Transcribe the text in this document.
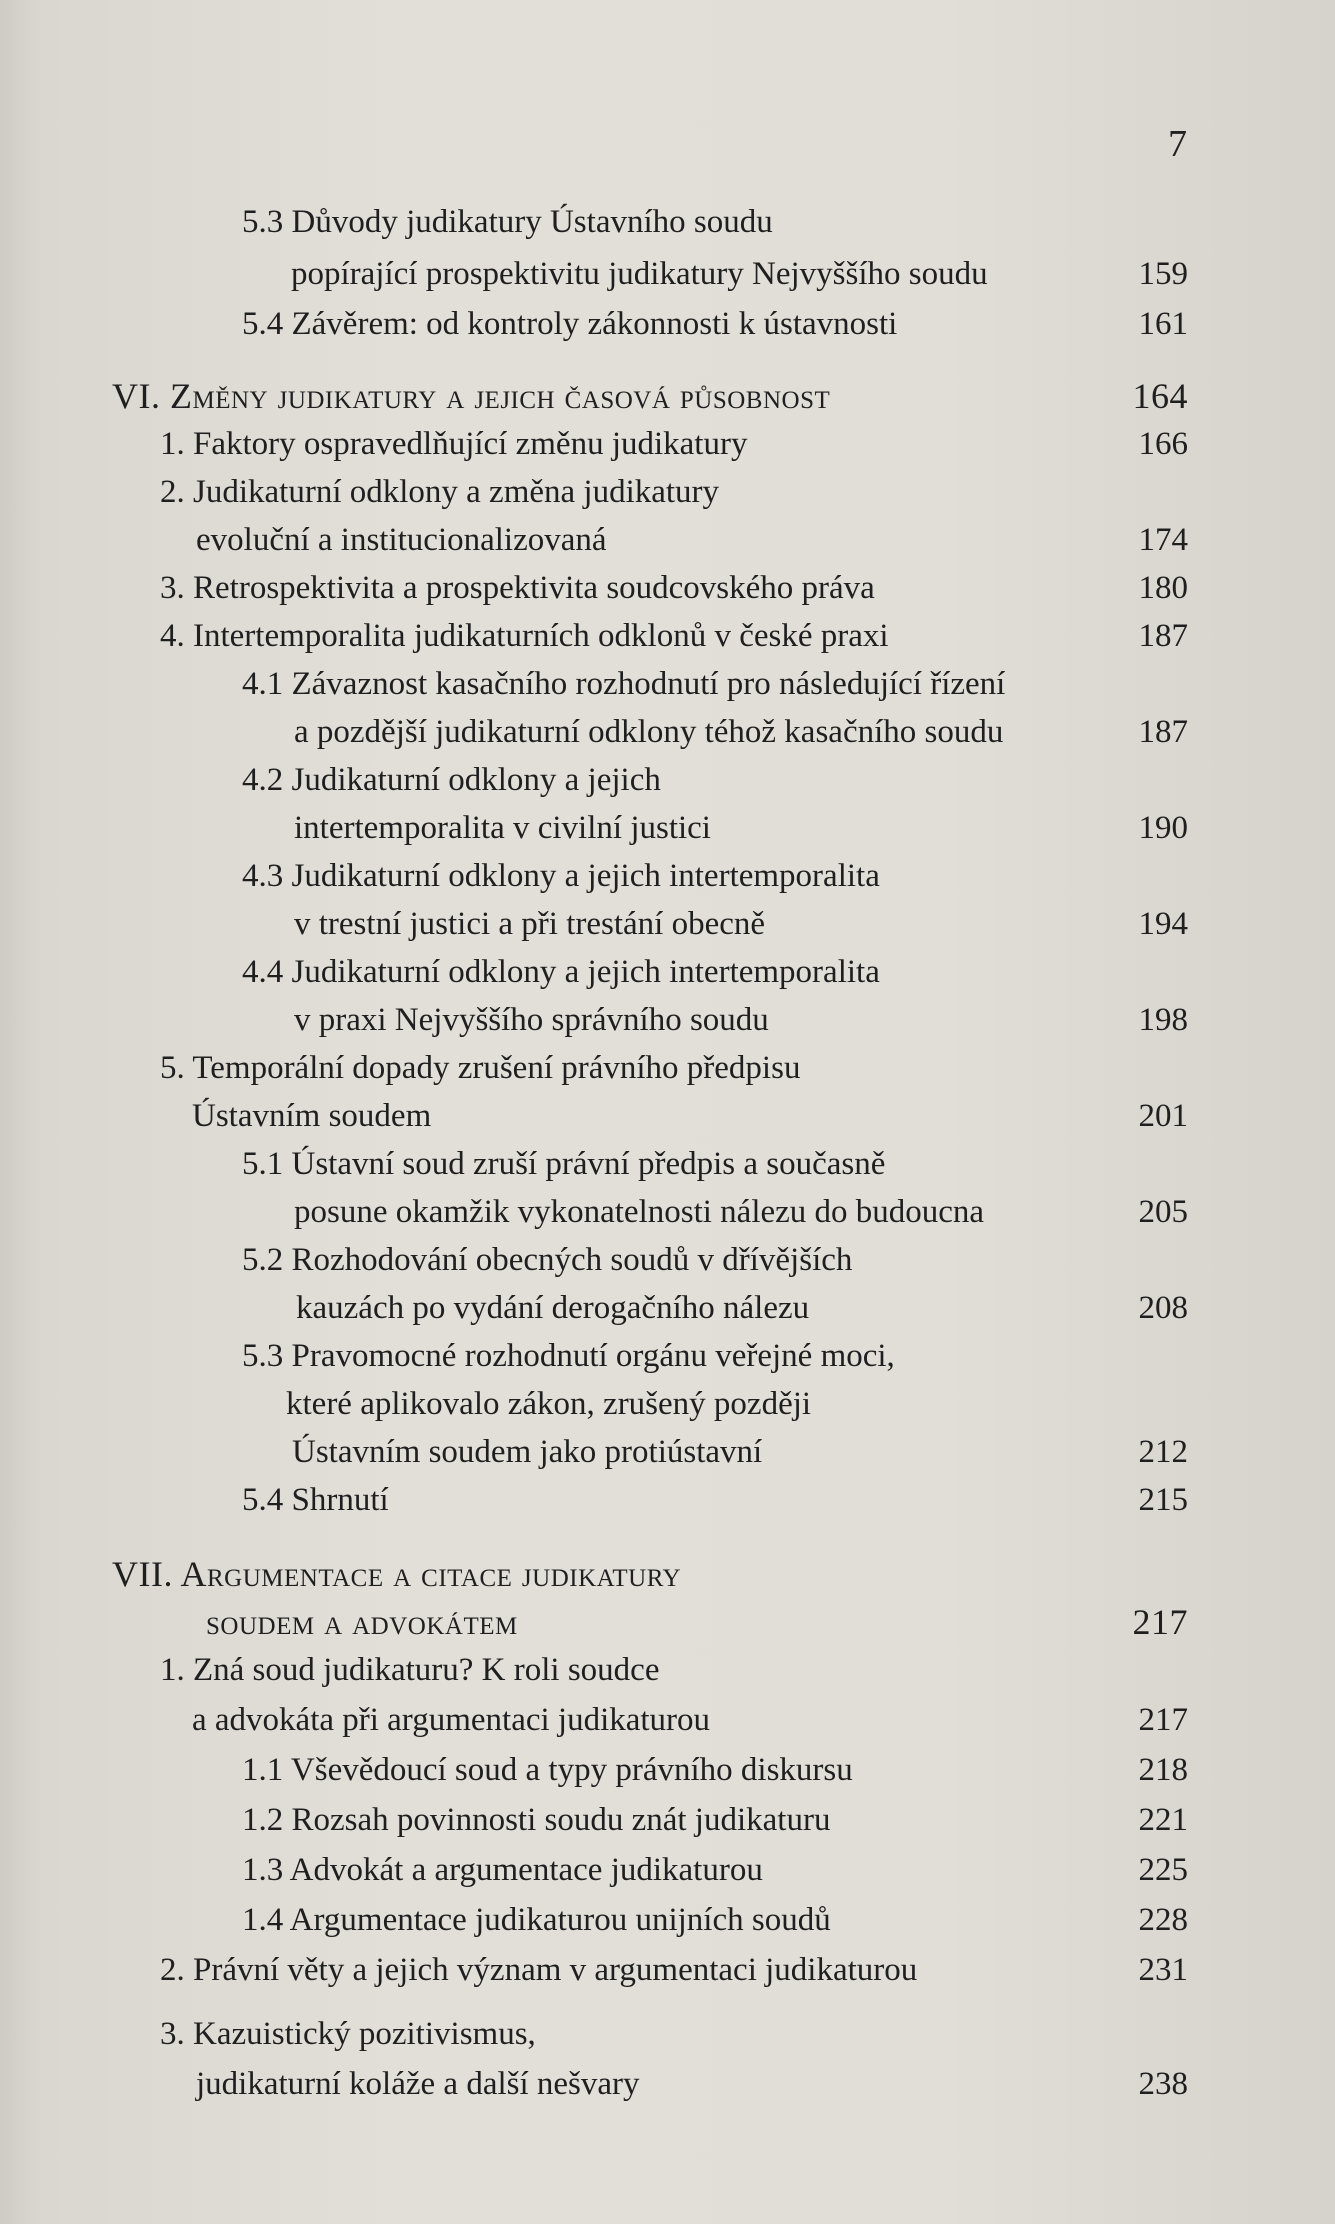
7
5.3 Důvody judikatury Ústavního soudu
popírající prospektivitu judikatury Nejvyššího soudu	159
5.4 Závěrem: od kontroly zákonnosti k ústavnosti	161
VI. Změny judikatury a jejich časová působnost	164
1. Faktory ospravedlňující změnu judikatury	166
2. Judikaturní odklony a změna judikatury
evoluční a institucionalizovaná	174
3. Retrospektivita a prospektivita soudcovského práva	180
4. Intertemporalita judikaturních odklonů v české praxi	187
4.1 Závaznost kasačního rozhodnutí pro následující řízení
a pozdější judikaturní odklony téhož kasačního soudu	187
4.2 Judikaturní odklony a jejich
intertemporalita v civilní justici	190
4.3 Judikaturní odklony a jejich intertemporalita
v trestní justici a při trestání obecně	194
4.4 Judikaturní odklony a jejich intertemporalita
v praxi Nejvyššího správního soudu	198
5. Temporální dopady zrušení právního předpisu
Ústavním soudem	201
5.1 Ústavní soud zruší právní předpis a současně
posune okamžik vykonatelnosti nálezu do budoucna	205
5.2 Rozhodování obecných soudů v dřívějších
kauzách po vydání derogačního nálezu	208
5.3 Pravomocné rozhodnutí orgánu veřejné moci,
které aplikovalo zákon, zrušený později
Ústavním soudem jako protiústavní	212
5.4 Shrnutí	215
VII. Argumentace a citace judikatury
soudem a advokátem	217
1. Zná soud judikaturu? K roli soudce
a advokáta při argumentaci judikaturou	217
1.1 Vševědoucí soud a typy právního diskursu	218
1.2 Rozsah povinnosti soudu znát judikaturu	221
1.3 Advokát a argumentace judikaturou	225
1.4 Argumentace judikaturou unijních soudů	228
2. Právní věty a jejich význam v argumentaci judikaturou	231
3. Kazuistický pozitivismus,
judikaturní koláže a další nešvary	238
